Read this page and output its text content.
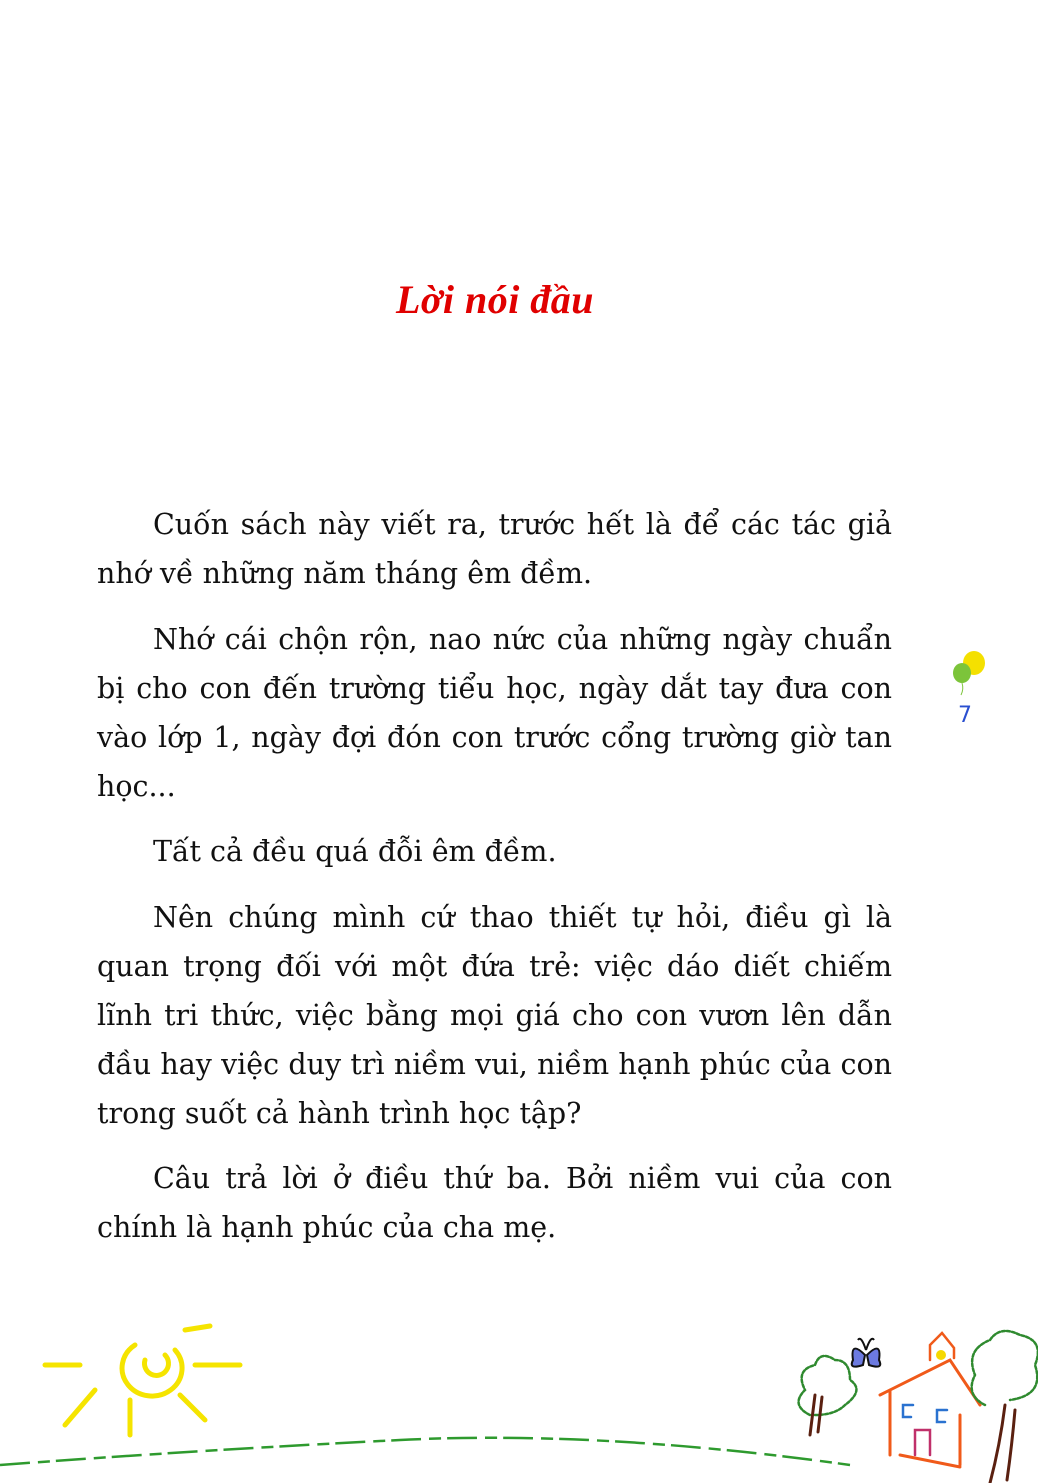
Lời nói đầu

Cuốn sách này viết ra, trước hết là để các tác giả nhớ về những năm tháng êm đềm.

Nhớ cái chộn rộn, nao nức của những ngày chuẩn bị cho con đến trường tiểu học, ngày dắt tay đưa con vào lớp 1, ngày đợi đón con trước cổng trường giờ tan học...

Tất cả đều quá đỗi êm đềm.

Nên chúng mình cứ thao thiết tự hỏi, điều gì là quan trọng đối với một đứa trẻ: việc dáo diết chiếm lĩnh tri thức, việc bằng mọi giá cho con vươn lên dẫn đầu hay việc duy trì niềm vui, niềm hạnh phúc của con trong suốt cả hành trình học tập?

Câu trả lời ở điều thứ ba. Bởi niềm vui của con chính là hạnh phúc của cha mẹ.

7
